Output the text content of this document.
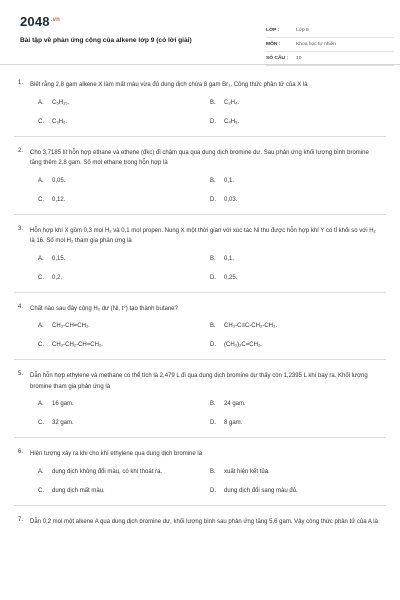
$2048^{.vn}$
Bài tập về phản ứng cộng của alkene lớp 9 (có lời giải)
LỚP :	Lớp 9
MÔN :	Khoa học tự nhiên
SỐ CÂU :	10
1.	Biết rằng 2,8 gam alkene X làm mất màu vừa đủ dung dịch chứa 8 gam Br₂. Công thức phân tử của X là
A.	C₅H₁₀.	B.	C₂H₄.
C.	C₃H₆.	D.	C₄H₈.
2.	Cho 3,7185 lít hỗn hợp ethane và ethene (đkc) đi chậm qua qua dung dịch bromine dư. Sau phản ứng khối lượng bình bromine tăng thêm 2,8 gam. Số mol ethane trong hỗn hợp là
A.	0,05.	B.	0,1.
C.	0,12.	D.	0,03.
3.	Hỗn hợp khí X gồm 0,3 mol H₂ và 0,1 mol propen. Nung X một thời gian với xúc tác Ni thu được hỗn hợp khí Y có tỉ khối so với H₂ là 16. Số mol H₂ tham gia phản ứng là
A.	0,15.	B.	0,1.
C.	0,2.	D.	0,25.
4.	Chất nào sau đây cộng H₂ dư (Ni, t°) tạo thành butane?
A.	CH₃-CH=CH₂.	B.	CH₃-C≡C-CH₂-CH₃.
C.	CH₃-CH₂-CH=CH₂.	D.	(CH₃)₂C=CH₂.
5.	Dẫn hỗn hợp ethylene và methane có thể tích là 2,479 L đi qua dung dịch bromine dư thấy còn 1,2395 L khí bay ra. Khối lượng bromine tham gia phản ứng là
A.	16 gam.	B.	24 gam.
C.	32 gam.	D.	8 gam.
6.	Hiện tượng xảy ra khi cho khí ethylene qua dung dịch bromine là
A.	dung dịch không đổi màu, có khí thoát ra.	B.	xuất hiện kết tủa.
C.	dung dịch mất màu.	D.	dung dịch đổi sang màu đỏ.
7.	Dẫn 0,2 mol một alkene A qua dung dịch bromine dư, khối lượng bình sau phản ứng tăng 5,6 gam. Vậy công thức phân tử của A là
